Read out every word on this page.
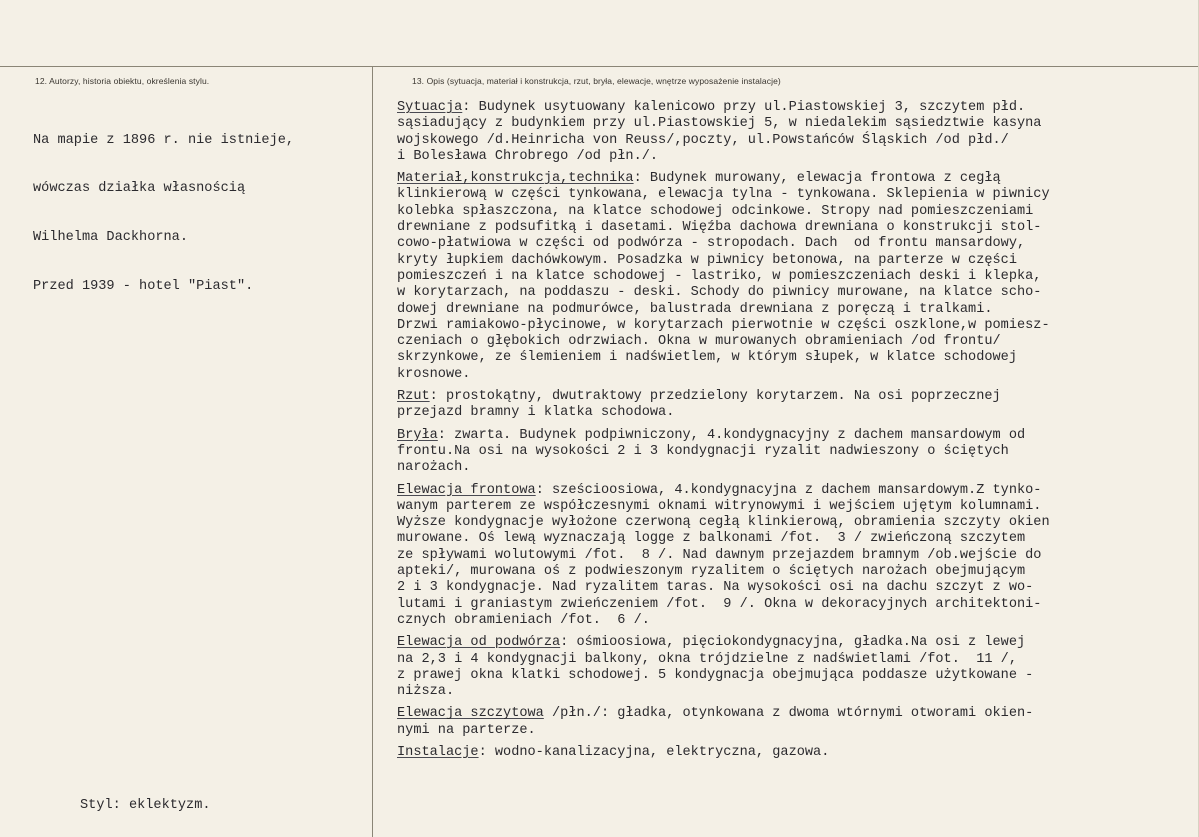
12. Autorzy, historia obiektu, określenia stylu.	13. Opis (sytuacja, materiał i konstrukcja, rzut, bryła, elewacje, wnętrze wyposażenie instalacje)

Na mapie z 1896 r. nie istnieje,

wówczas działka własnością

Wilhelma Dackhorna.

Przed 1939 - hotel "Piast".

Styl: eklektyzm.
Sytuacja: Budynek usytuowany kalenicowo przy ul.Piastowskiej 3, szczytem płd.
sąsiadujący z budynkiem przy ul.Piastowskiej 5, w niedalekim sąsiedztwie kasyna
wojskowego /d.Heinricha von Reuss/,poczty, ul.Powstańców Śląskich /od płd./
i Bolesława Chrobrego /od płn./.
Materiał,konstrukcja,technika: Budynek murowany, elewacja frontowa z cegłą
klinkierową w części tynkowana, elewacja tylna - tynkowana. Sklepienia w piwnicy
kolebka spłaszczona, na klatce schodowej odcinkowe. Stropy nad pomieszczeniami
drewniane z podsufitką i dasetami. Więźba dachowa drewniana o konstrukcji stol-
cowo-płatwiowa w części od podwórza - stropodach. Dach  od frontu mansardowy,
kryty łupkiem dachówkowym. Posadzka w piwnicy betonowa, na parterze w części
pomieszczeń i na klatce schodowej - lastriko, w pomieszczeniach deski i klepka,
w korytarzach, na poddaszu - deski. Schody do piwnicy murowane, na klatce scho-
dowej drewniane na podmurówce, balustrada drewniana z poręczą i tralkami.
Drzwi ramiakowo-płycinowe, w korytarzach pierwotnie w części oszklone,w pomiesz-
czeniach o głębokich odrzwiach. Okna w murowanych obramieniach /od frontu/
skrzynkowe, ze ślemieniem i nadświetlem, w którym słupek, w klatce schodowej
krosnowe.
Rzut: prostokątny, dwutraktowy przedzielony korytarzem. Na osi poprzecznej
przejazd bramny i klatka schodowa.
Bryła: zwarta. Budynek podpiwniczony, 4.kondygnacyjny z dachem mansardowym od
frontu.Na osi na wysokości 2 i 3 kondygnacji ryzalit nadwieszony o ściętych
narożach.
Elewacja frontowa: sześcioosiowa, 4.kondygnacyjna z dachem mansardowym.Z tynko-
wanym parterem ze współczesnymi oknami witrynowymi i wejściem ujętym kolumnami.
Wyższe kondygnacje wyłożone czerwoną cegłą klinkierową, obramienia szczyty okien
murowane. Oś lewą wyznaczają logge z balkonami /fot.  3 / zwieńczoną szczytem
ze spływami wolutowymi /fot.  8 /. Nad dawnym przejazdem bramnym /ob.wejście do
apteki/, murowana oś z podwieszonym ryzalitem o ściętych narożach obejmującym
2 i 3 kondygnacje. Nad ryzalitem taras. Na wysokości osi na dachu szczyt z wo-
lutami i graniastym zwieńczeniem /fot.  9 /. Okna w dekoracyjnych architektoni-
cznych obramieniach /fot.  6 /.
Elewacja od podwórza: ośmioosiowa, pięciokondygnacyjna, gładka.Na osi z lewej
na 2,3 i 4 kondygnacji balkony, okna trójdzielne z nadświetlami /fot.  11 /,
z prawej okna klatki schodowej. 5 kondygnacja obejmująca poddasze użytkowane -
niższa.
Elewacja szczytowa /płn./: gładka, otynkowana z dwoma wtórnymi otworami okien-
nymi na parterze.
Instalacje: wodno-kanalizacyjna, elektryczna, gazowa.
